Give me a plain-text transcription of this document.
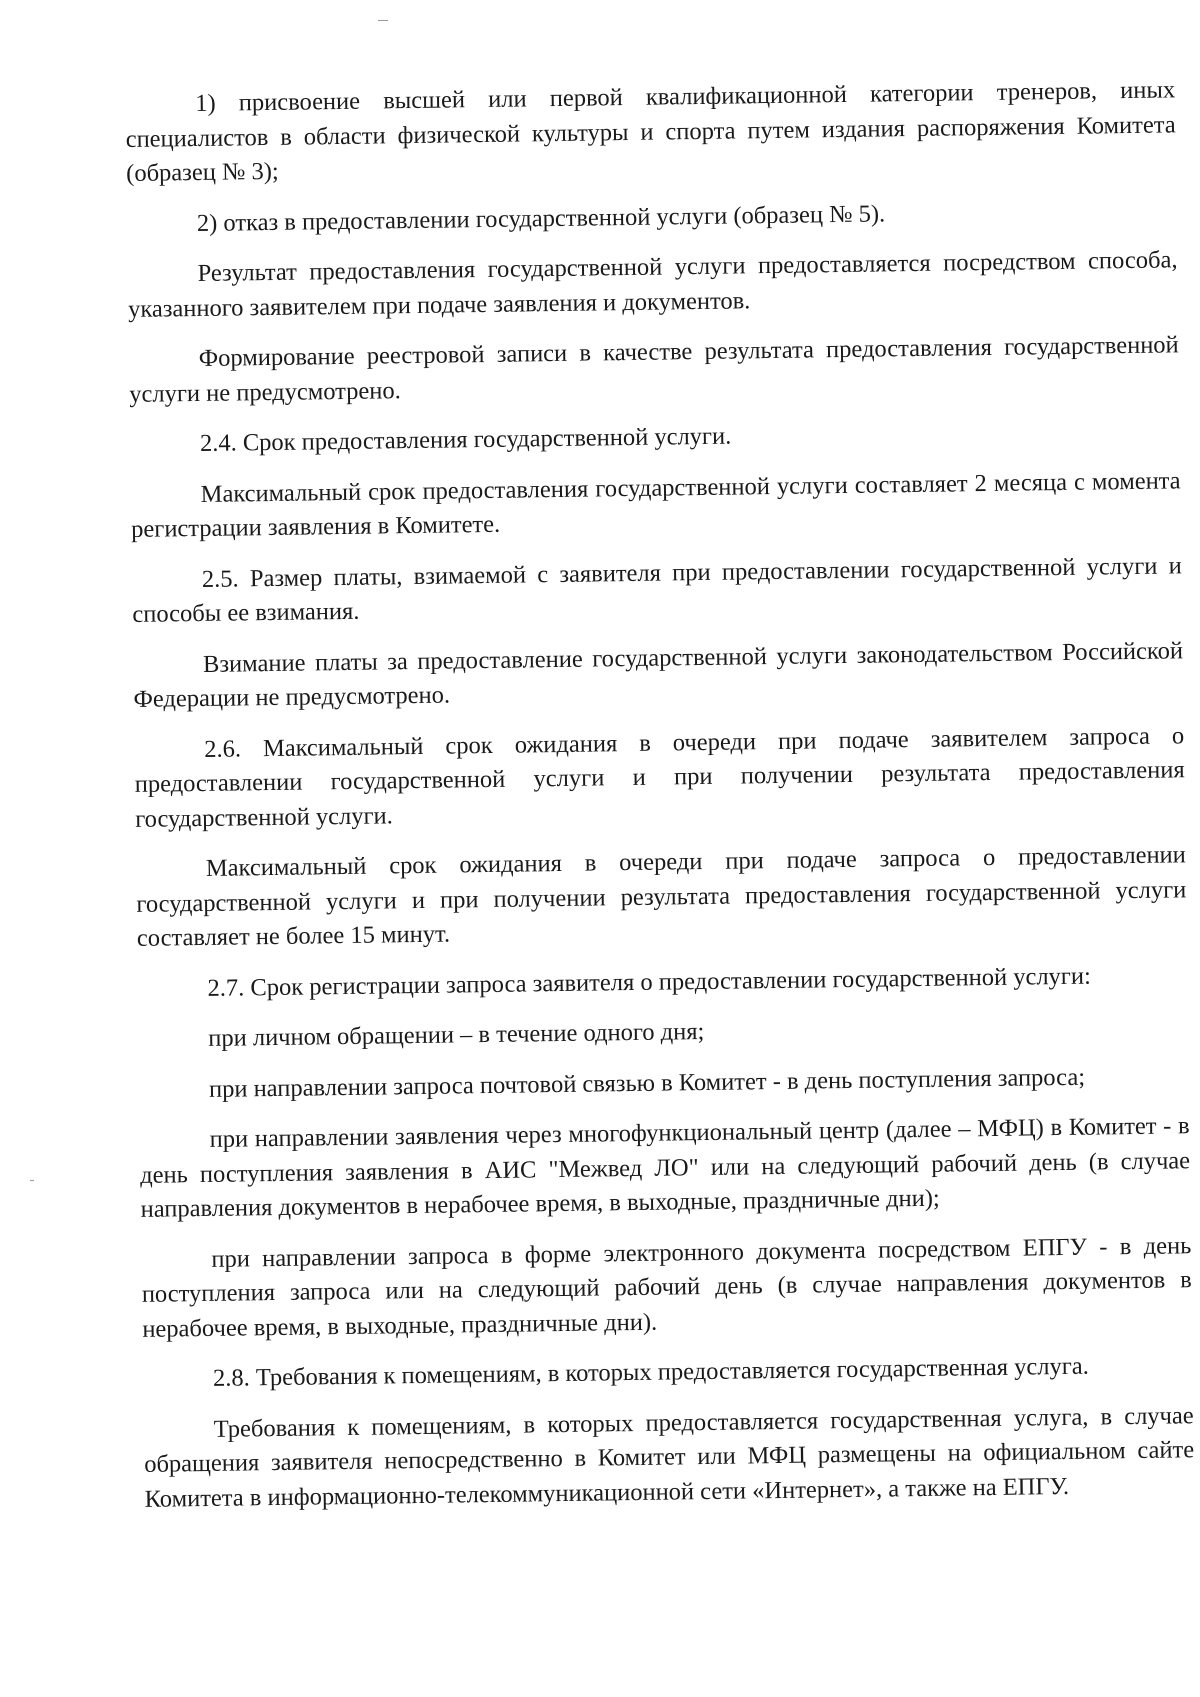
1) присвоение высшей или первой квалификационной категории тренеров, иных специалистов в области физической культуры и спорта путем издания распоряжения Комитета (образец № 3);

2) отказ в предоставлении государственной услуги (образец № 5).

Результат предоставления государственной услуги предоставляется посредством способа, указанного заявителем при подаче заявления и документов.

Формирование реестровой записи в качестве результата предоставления государственной услуги не предусмотрено.

2.4. Срок предоставления государственной услуги.

Максимальный срок предоставления государственной услуги составляет 2 месяца с момента регистрации заявления в Комитете.

2.5. Размер платы, взимаемой с заявителя при предоставлении государственной услуги и способы ее взимания.

Взимание платы за предоставление государственной услуги законодательством Российской Федерации не предусмотрено.

2.6. Максимальный срок ожидания в очереди при подаче заявителем запроса о предоставлении государственной услуги и при получении результата предоставления государственной услуги.

Максимальный срок ожидания в очереди при подаче запроса о предоставлении государственной услуги и при получении результата предоставления государственной услуги составляет не более 15 минут.

2.7. Срок регистрации запроса заявителя о предоставлении государственной услуги:

при личном обращении – в течение одного дня;

при направлении запроса почтовой связью в Комитет - в день поступления запроса;

при направлении заявления через многофункциональный центр (далее – МФЦ) в Комитет - в день поступления заявления в АИС "Межвед ЛО" или на следующий рабочий день (в случае направления документов в нерабочее время, в выходные, праздничные дни);

при направлении запроса в форме электронного документа посредством ЕПГУ - в день поступления запроса или на следующий рабочий день (в случае направления документов в нерабочее время, в выходные, праздничные дни).

2.8. Требования к помещениям, в которых предоставляется государственная услуга.

Требования к помещениям, в которых предоставляется государственная услуга, в случае обращения заявителя непосредственно в Комитет или МФЦ размещены на официальном сайте Комитета в информационно-телекоммуникационной сети «Интернет», а также на ЕПГУ.
